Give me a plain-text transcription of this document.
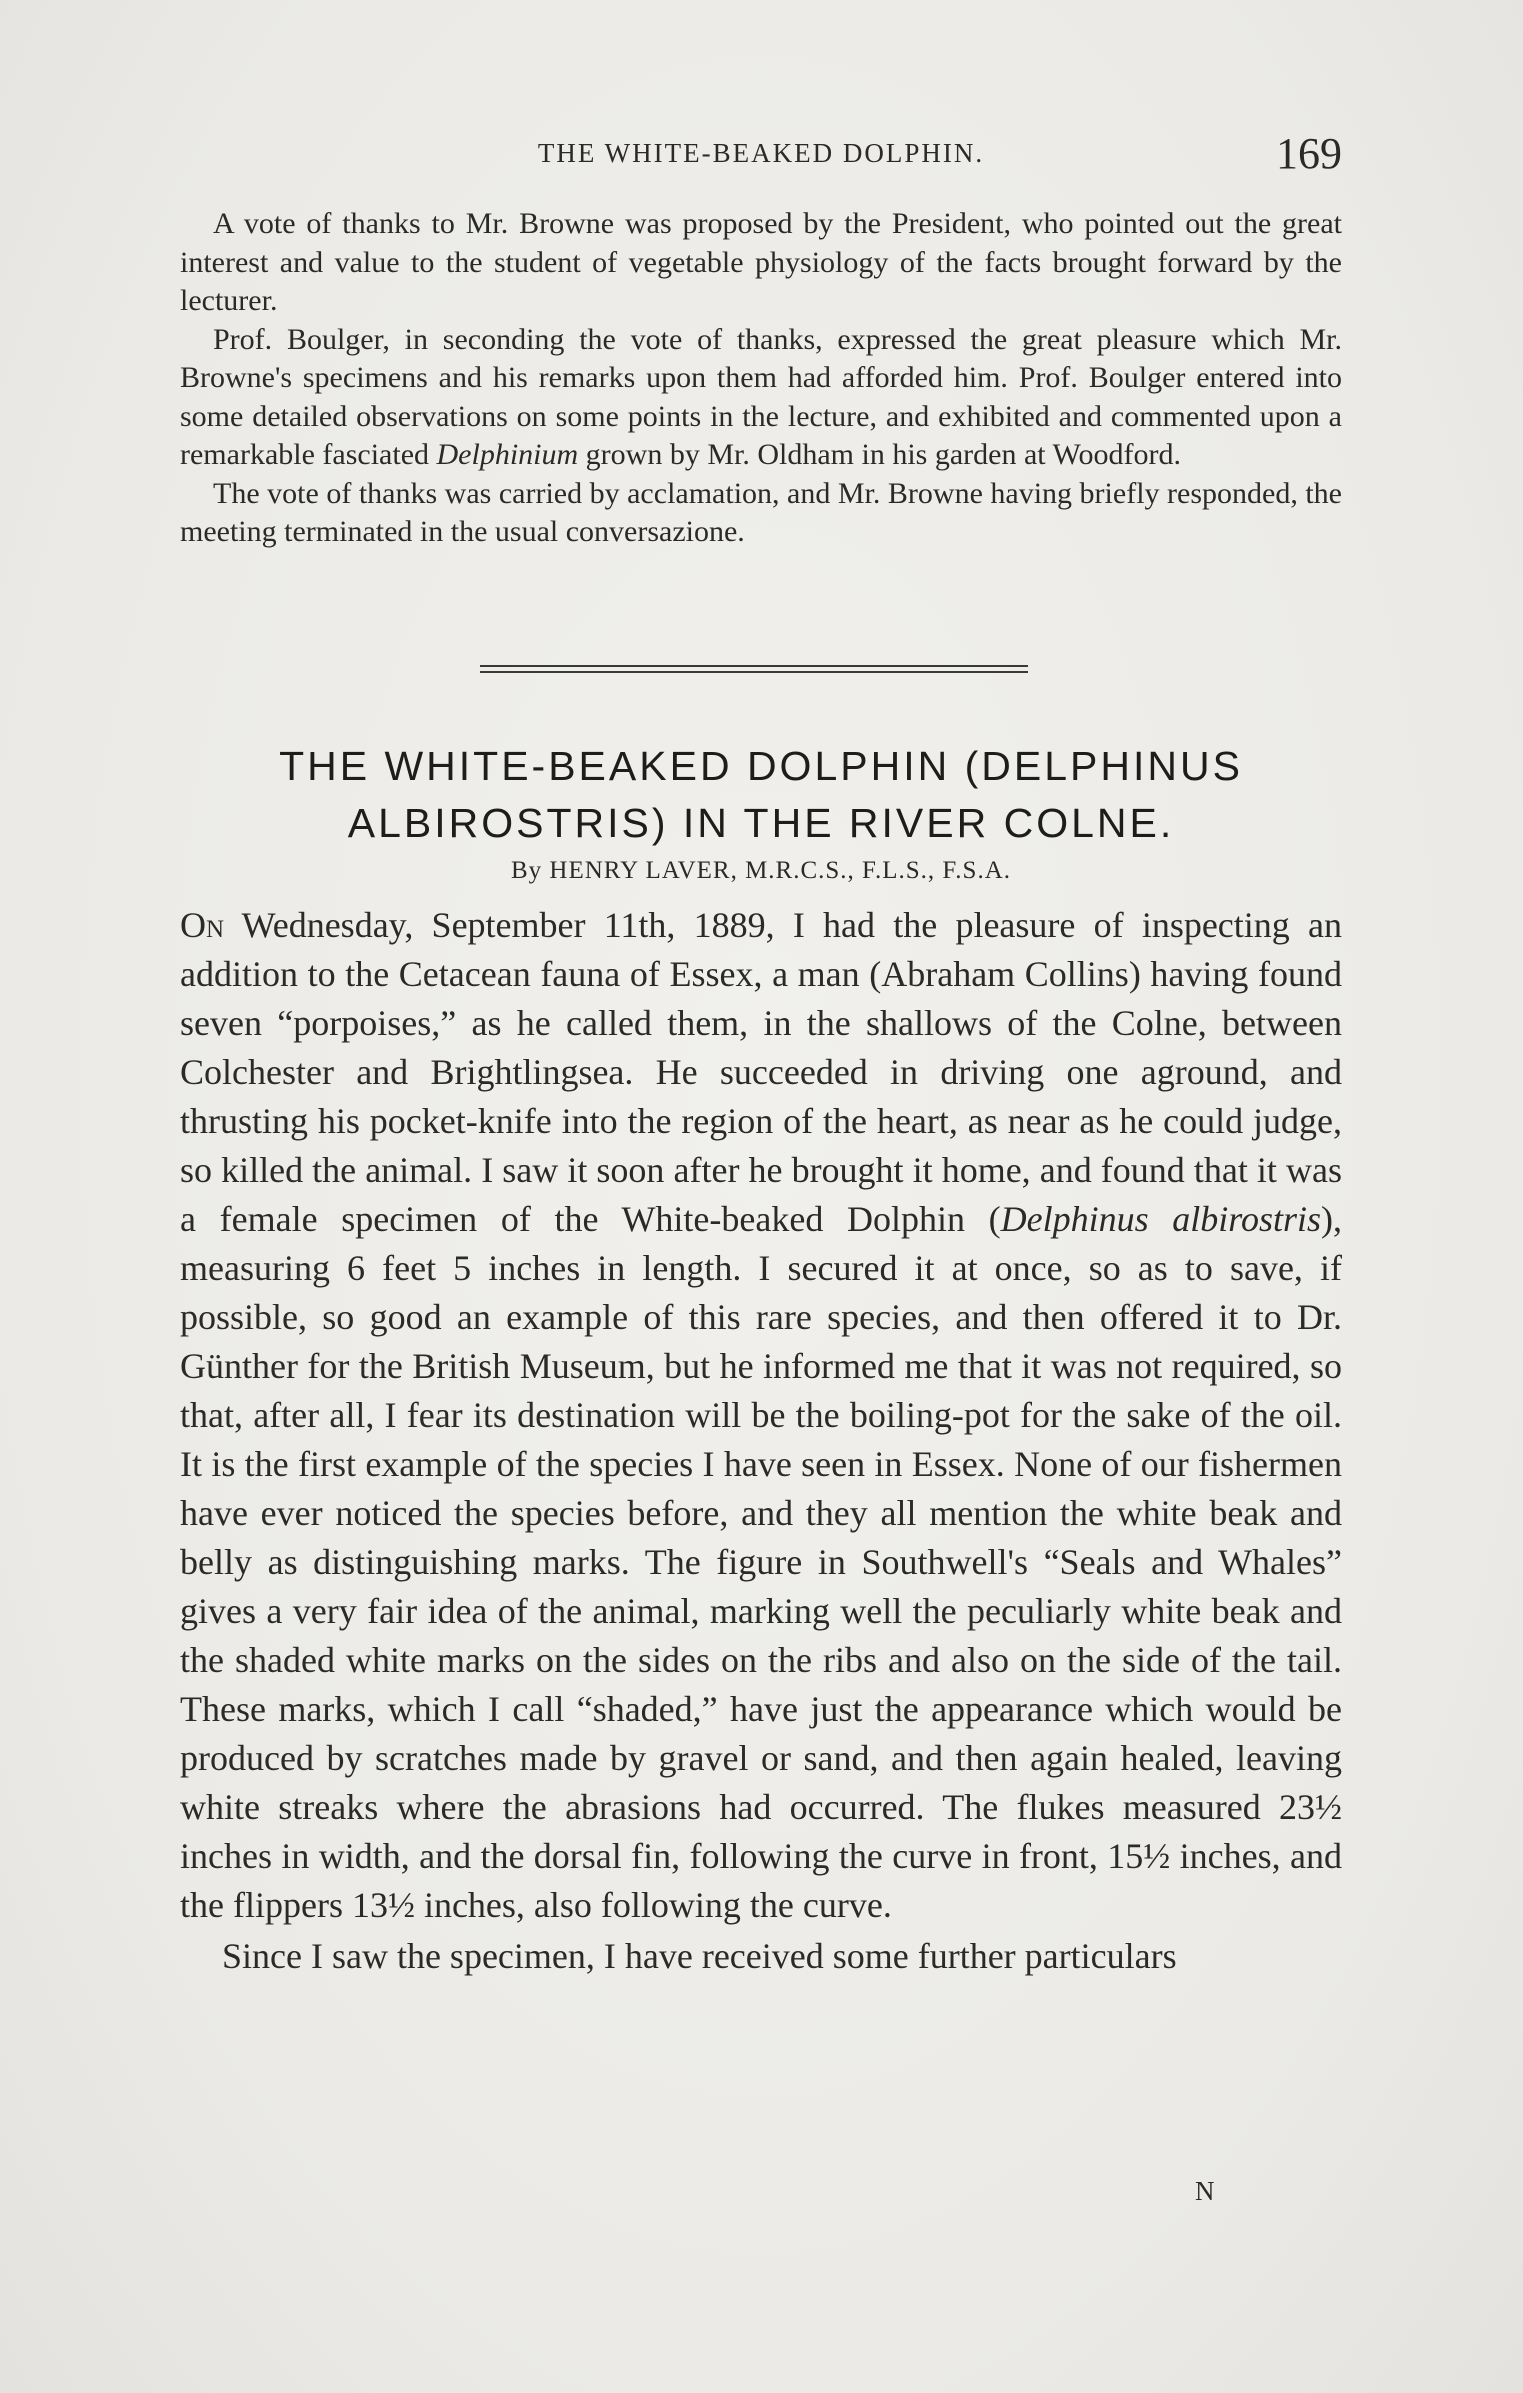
THE WHITE-BEAKED DOLPHIN.	169

A vote of thanks to Mr. Browne was proposed by the President, who pointed out the great interest and value to the student of vegetable physiology of the facts brought forward by the lecturer.

Prof. Boulger, in seconding the vote of thanks, expressed the great pleasure which Mr. Browne's specimens and his remarks upon them had afforded him. Prof. Boulger entered into some detailed observations on some points in the lecture, and exhibited and commented upon a remarkable fasciated Delphinium grown by Mr. Oldham in his garden at Woodford.

The vote of thanks was carried by acclamation, and Mr. Browne having briefly responded, the meeting terminated in the usual conversazione.

THE WHITE-BEAKED DOLPHIN (DELPHINUS
ALBIROSTRIS) IN THE RIVER COLNE.
By HENRY LAVER, M.R.C.S., F.L.S., F.S.A.

On Wednesday, September 11th, 1889, I had the pleasure of inspecting an addition to the Cetacean fauna of Essex, a man (Abraham Collins) having found seven “porpoises,” as he called them, in the shallows of the Colne, between Colchester and Brightlingsea. He succeeded in driving one aground, and thrusting his pocket-knife into the region of the heart, as near as he could judge, so killed the animal. I saw it soon after he brought it home, and found that it was a female specimen of the White-beaked Dolphin (Delphinus albirostris), measuring 6 feet 5 inches in length. I secured it at once, so as to save, if possible, so good an example of this rare species, and then offered it to Dr. Günther for the British Museum, but he informed me that it was not required, so that, after all, I fear its destination will be the boiling-pot for the sake of the oil. It is the first example of the species I have seen in Essex. None of our fishermen have ever noticed the species before, and they all mention the white beak and belly as distinguishing marks. The figure in Southwell's “Seals and Whales” gives a very fair idea of the animal, marking well the peculiarly white beak and the shaded white marks on the sides on the ribs and also on the side of the tail. These marks, which I call “shaded,” have just the appearance which would be produced by scratches made by gravel or sand, and then again healed, leaving white streaks where the abrasions had occurred. The flukes measured 23½ inches in width, and the dorsal fin, following the curve in front, 15½ inches, and the flippers 13½ inches, also following the curve.

Since I saw the specimen, I have received some further particulars

N
